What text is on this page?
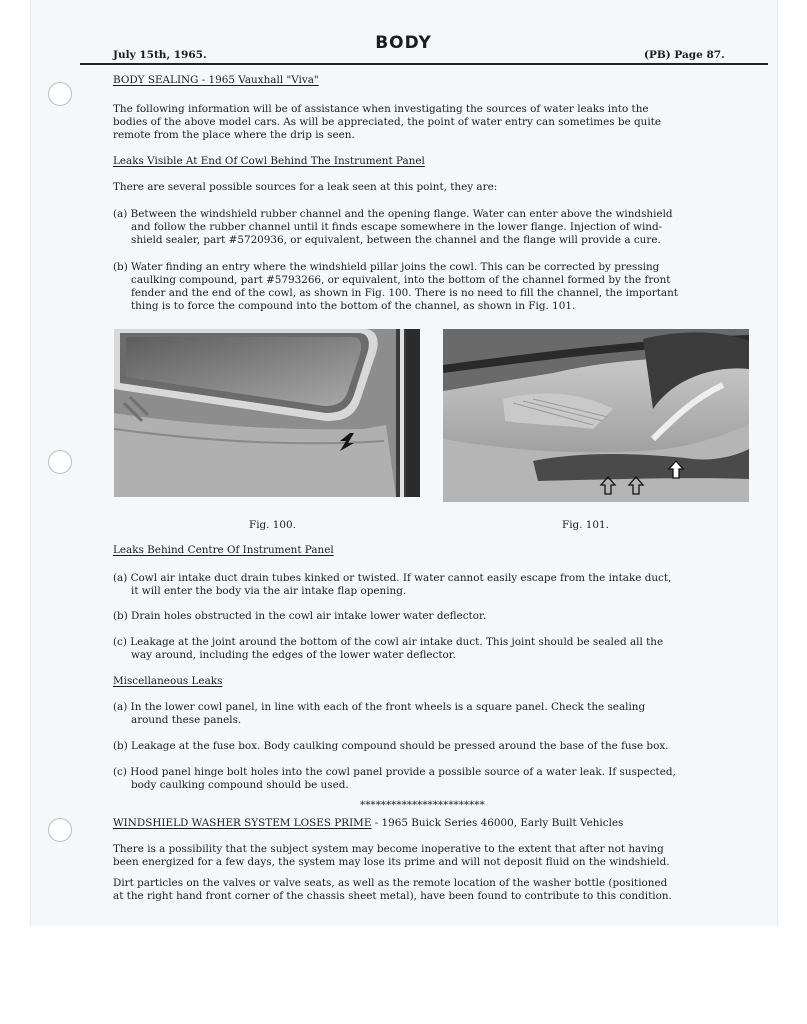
July 15th, 1965.
BODY
(PB) Page 87.
BODY SEALING - 1965 Vauxhall "Viva"
The following information will be of assistance when investigating the sources of water leaks into the
bodies of the above model cars. As will be appreciated, the point of water entry can sometimes be quite
remote from the place where the drip is seen.
Leaks Visible At End Of Cowl Behind The Instrument Panel
There are several possible sources for a leak seen at this point, they are:
(a) Between the windshield rubber channel and the opening flange. Water can enter above the windshield
and follow the rubber channel until it finds escape somewhere in the lower flange. Injection of wind-
shield sealer, part #5720936, or equivalent, between the channel and the flange will provide a cure.
(b) Water finding an entry where the windshield pillar joins the cowl. This can be corrected by pressing
caulking compound, part #5793266, or equivalent, into the bottom of the channel formed by the front
fender and the end of the cowl, as shown in Fig. 100. There is no need to fill the channel, the important
thing is to force the compound into the bottom of the channel, as shown in Fig. 101.
Fig. 100.	Fig. 101.
Leaks Behind Centre Of Instrument Panel
(a) Cowl air intake duct drain tubes kinked or twisted. If water cannot easily escape from the intake duct,
it will enter the body via the air intake flap opening.
(b) Drain holes obstructed in the cowl air intake lower water deflector.
(c) Leakage at the joint around the bottom of the cowl air intake duct. This joint should be sealed all the
way around, including the edges of the lower water deflector.
Miscellaneous Leaks
(a) In the lower cowl panel, in line with each of the front wheels is a square panel. Check the sealing
around these panels.
(b) Leakage at the fuse box. Body caulking compound should be pressed around the base of the fuse box.
(c) Hood panel hinge bolt holes into the cowl panel provide a possible source of a water leak. If suspected,
body caulking compound should be used.
************************
WINDSHIELD WASHER SYSTEM LOSES PRIME - 1965 Buick Series 46000, Early Built Vehicles
There is a possibility that the subject system may become inoperative to the extent that after not having
been energized for a few days, the system may lose its prime and will not deposit fluid on the windshield.
Dirt particles on the valves or valve seats, as well as the remote location of the washer bottle (positioned
at the right hand front corner of the chassis sheet metal), have been found to contribute to this condition.
